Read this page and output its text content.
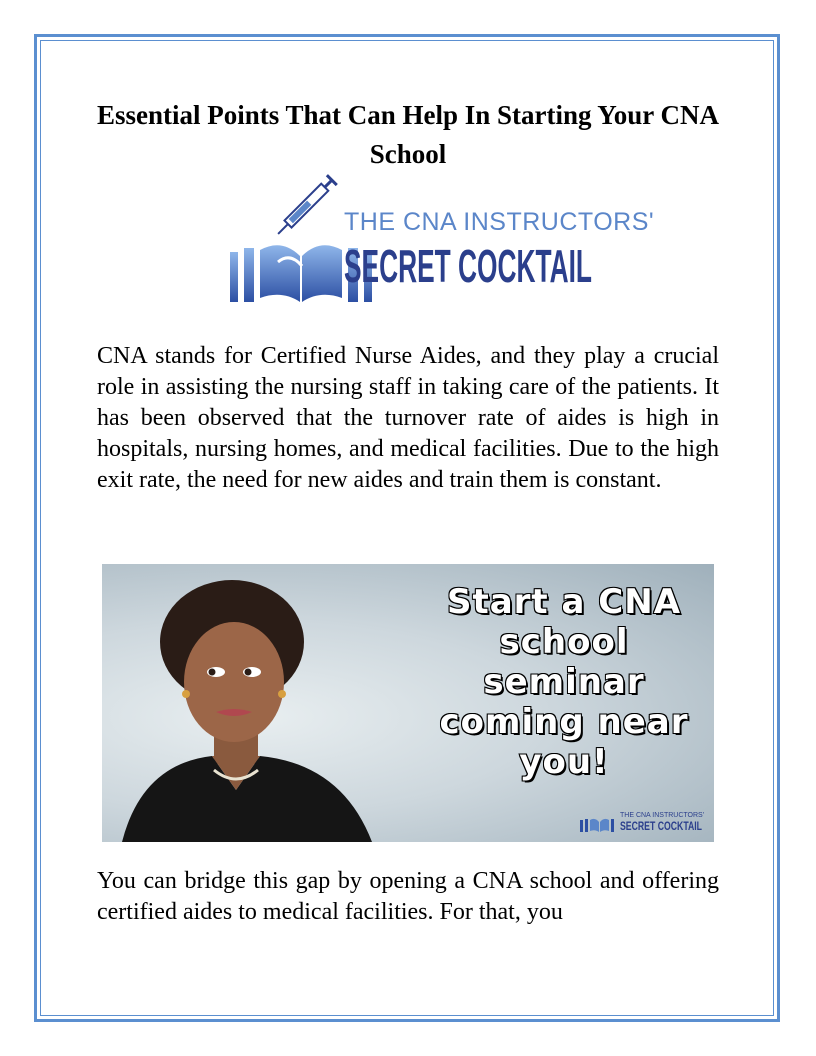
Essential Points That Can Help In Starting Your CNA School
THE CNA INSTRUCTORS'
SECRET COCKTAIL

CNA stands for Certified Nurse Aides, and they play a crucial role in assisting the nursing staff in taking care of the patients. It has been observed that the turnover rate of aides is high in hospitals, nursing homes, and medical facilities. Due to the high exit rate, the need for new aides and train them is constant.

Start a CNA
school
seminar
coming near
you!
THE CNA INSTRUCTORS'
SECRET COCKTAIL

You can bridge this gap by opening a CNA school and offering certified aides to medical facilities. For that, you
